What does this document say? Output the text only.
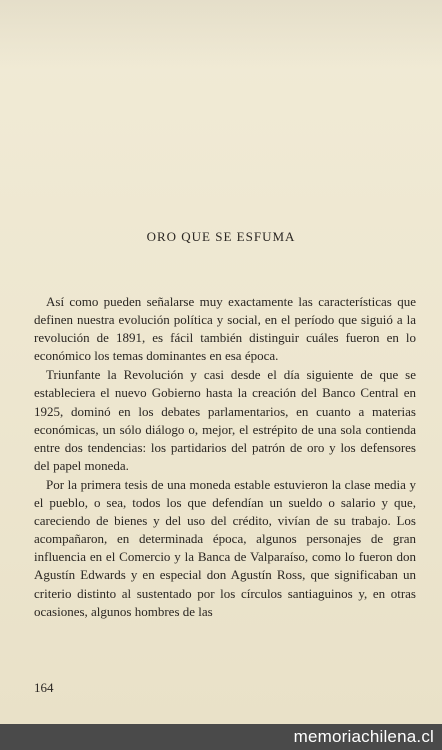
ORO QUE SE ESFUMA

Así como pueden señalarse muy exactamente las características que definen nuestra evolución política y social, en el período que siguió a la revolución de 1891, es fácil también distinguir cuáles fueron en lo económico los temas dominantes en esa época.

Triunfante la Revolución y casi desde el día siguiente de que se estableciera el nuevo Gobierno hasta la creación del Banco Central en 1925, dominó en los debates parlamentarios, en cuanto a materias económicas, un sólo diálogo o, mejor, el estrépito de una sola contienda entre dos tendencias: los partidarios del patrón de oro y los defensores del papel moneda.

Por la primera tesis de una moneda estable estuvieron la clase media y el pueblo, o sea, todos los que defendían un sueldo o salario y que, careciendo de bienes y del uso del crédito, vivían de su trabajo. Los acompañaron, en determinada época, algunos personajes de gran influencia en el Comercio y la Banca de Valparaíso, como lo fueron don Agustín Edwards y en especial don Agustín Ross, que significaban un criterio distinto al sustentado por los círculos santiaguinos y, en otras ocasiones, algunos hombres de las

164
memoriachilena.cl
